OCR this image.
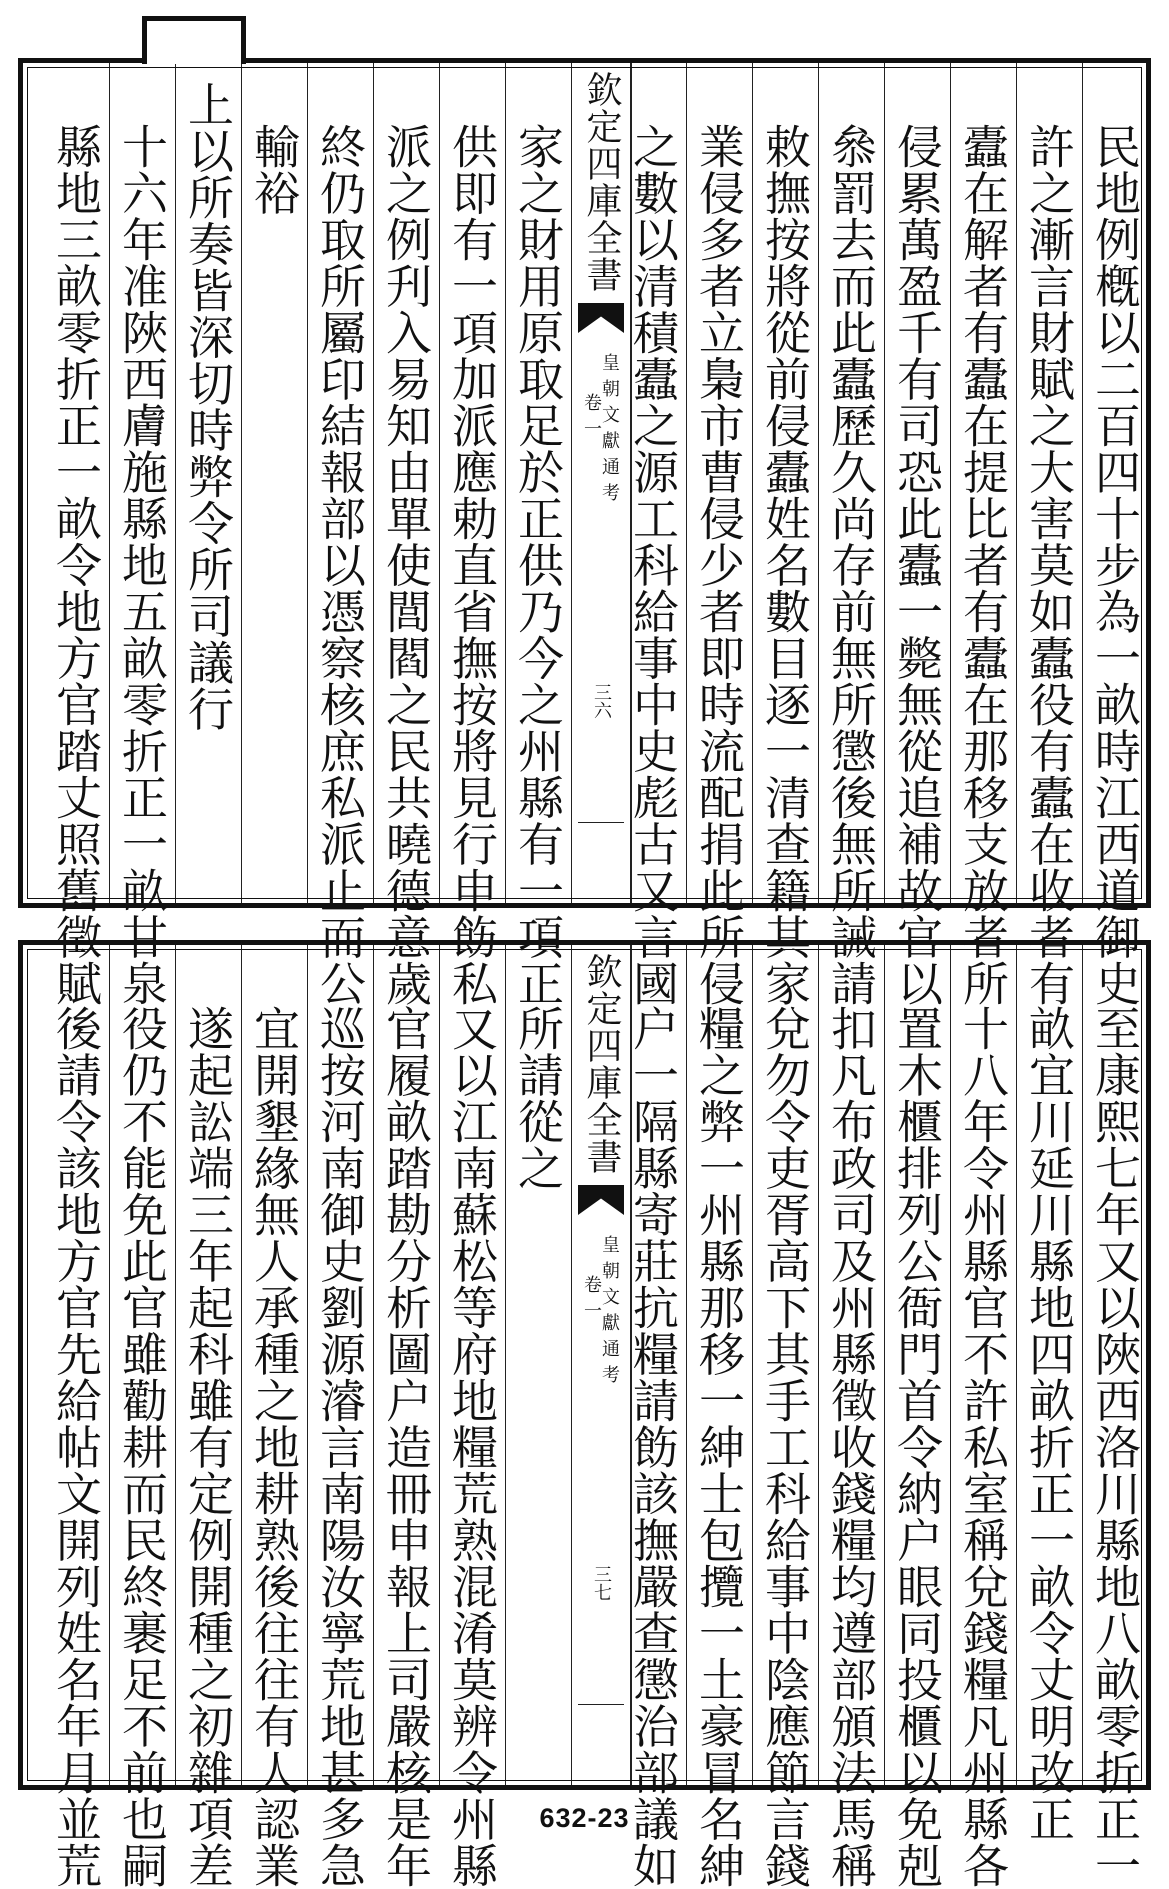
民地例槪以二百四十步為一畝時江西道御史
許之漸言財賦之大害莫如蠹役有蠹在收者有
蠹在解者有蠹在提比者有蠹在那移支放者所
侵累萬盈千有司恐此蠹一斃無從追補故官以
叅罰去而此蠹歷久尚存前無所懲後無所誡請
敕撫按將從前侵蠹姓名數目逐一清查籍其家
業侵多者立梟市曹侵少者即時流配捐此所侵
之數以清積蠹之源工科給事中史彪古又言國
欽定四庫全書
皇朝文獻通考
卷一
三六
家之財用原取足於正供乃今之州縣有一項正
供即有一項加派應勅直省撫按將見行申飭私
派之例刋入易知由單使閭閻之民共曉德意歲
終仍取所屬印結報部以憑察核庶私派止而公
輸裕
上以所奏皆深切時弊令所司議行
十六年准陜西膚施縣地五畝零折正一畝甘泉
縣地三畝零折正一畝令地方官踏丈照舊徵賦
至康熙七年又以陜西洛川縣地八畝零折正一
畝宜川延川縣地四畝折正一畝令丈明改正
十八年令州縣官不許私室稱兌錢糧凡州縣各
置木櫃排列公衙門首令納户眼同投櫃以免剋
扣凡布政司及州縣徵收錢糧均遵部頒法馬稱
兌勿令吏胥高下其手工科給事中陰應節言錢
糧之弊一州縣那移一紳士包攬一土豪冒名紳
户一隔縣寄莊抗糧請飭該撫嚴查懲治部議如
欽定四庫全書
皇朝文獻通考
卷一
三七
所請從之
又以江南蘇松等府地糧荒熟混淆莫辨令州縣
官履畝踏勘分析圖户造冊申報上司嚴核是年
巡按河南御史劉源濬言南陽汝寧荒地甚多急
宜開墾緣無人承種之地耕熟後往往有人認業
遂起訟端三年起科雖有定例開種之初雜項差
役仍不能免此官雖勸耕而民終裹足不前也嗣
後請令該地方官先給帖文開列姓名年月並荒	632-23
